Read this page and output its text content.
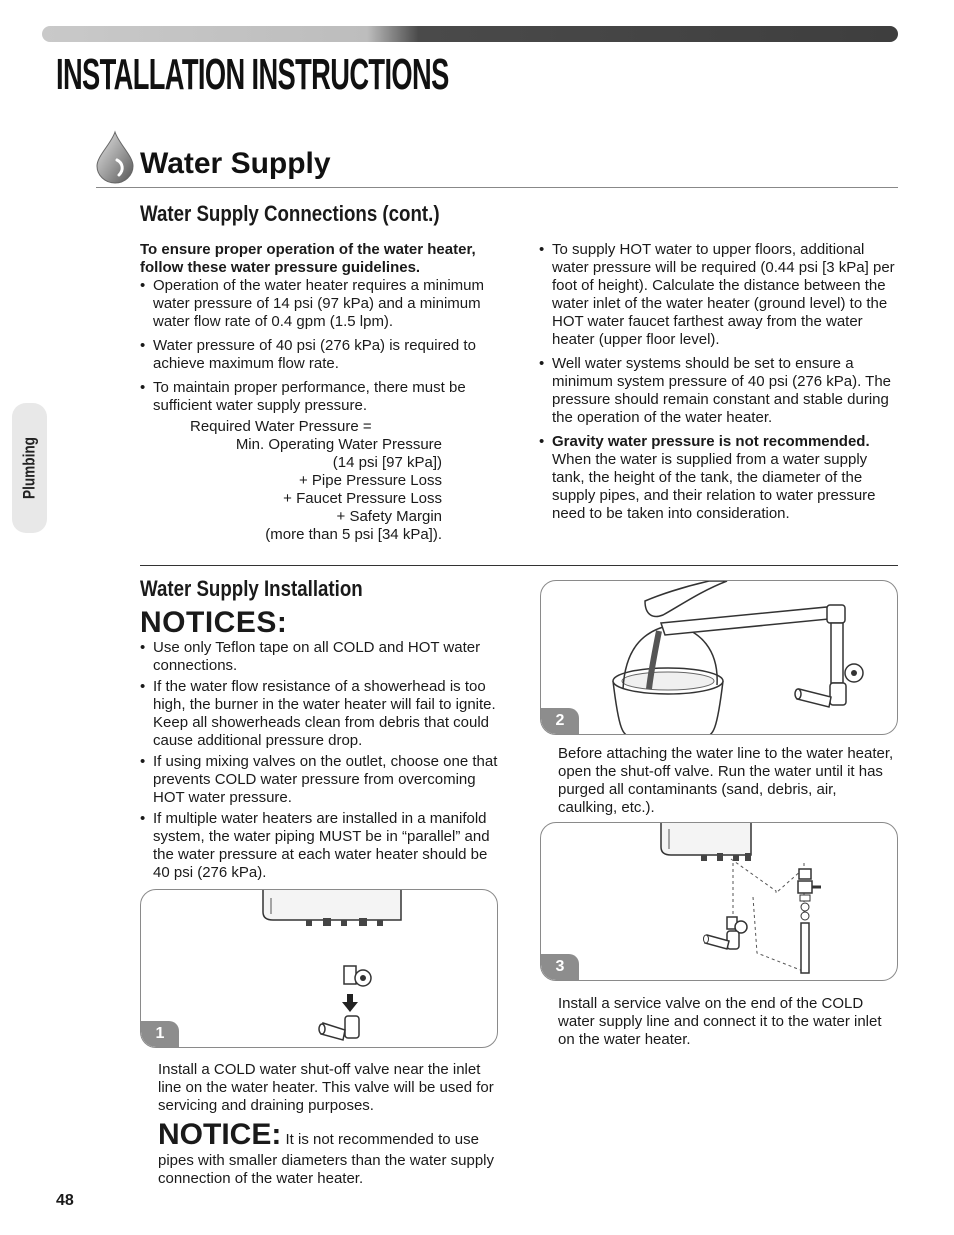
INSTALLATION INSTRUCTIONS
Water Supply
Plumbing
Water Supply Connections (cont.)
To ensure proper operation of the water heater, follow these water pressure guidelines.
• Operation of the water heater requires a minimum water pressure of 14 psi (97 kPa) and a minimum water flow rate of 0.4 gpm (1.5 lpm).
• Water pressure of 40 psi (276 kPa) is required to achieve maximum flow rate.
• To maintain proper performance, there must be sufficient water supply pressure.
Required Water Pressure =
Min. Operating Water Pressure
(14 psi [97 kPa])
+ Pipe Pressure Loss
+ Faucet Pressure Loss
+ Safety Margin
(more than 5 psi [34 kPa]).
• To supply HOT water to upper floors, additional water pressure will be required (0.44 psi [3 kPa] per foot of height). Calculate the distance between the water inlet of the water heater (ground level) to the HOT water faucet farthest away from the water heater (upper floor level).
• Well water systems should be set to ensure a minimum system pressure of 40 psi (276 kPa). The pressure should remain constant and stable during the operation of the water heater.
• Gravity water pressure is not recommended. When the water is supplied from a water supply tank, the height of the tank, the diameter of the supply pipes, and their relation to water pressure need to be taken into consideration.
Water Supply Installation
NOTICES:
• Use only Teflon tape on all COLD and HOT water connections.
• If the water flow resistance of a showerhead is too high, the burner in the water heater will fail to ignite. Keep all showerheads clean from debris that could cause additional pressure drop.
• If using mixing valves on the outlet, choose one that prevents COLD water pressure from overcoming HOT water pressure.
• If multiple water heaters are installed in a manifold system, the water piping MUST be in “parallel” and the water pressure at each water heater should be 40 psi (276 kPa).
1
Install a COLD water shut-off valve near the inlet line on the water heater. This valve will be used for servicing and draining purposes.
NOTICE: It is not recommended to use pipes with smaller diameters than the water supply connection of the water heater.
2
Before attaching the water line to the water heater, open the shut-off valve. Run the water until it has purged all contaminants (sand, debris, air, caulking, etc.).
3
Install a service valve on the end of the COLD water supply line and connect it to the water inlet on the water heater.
48
